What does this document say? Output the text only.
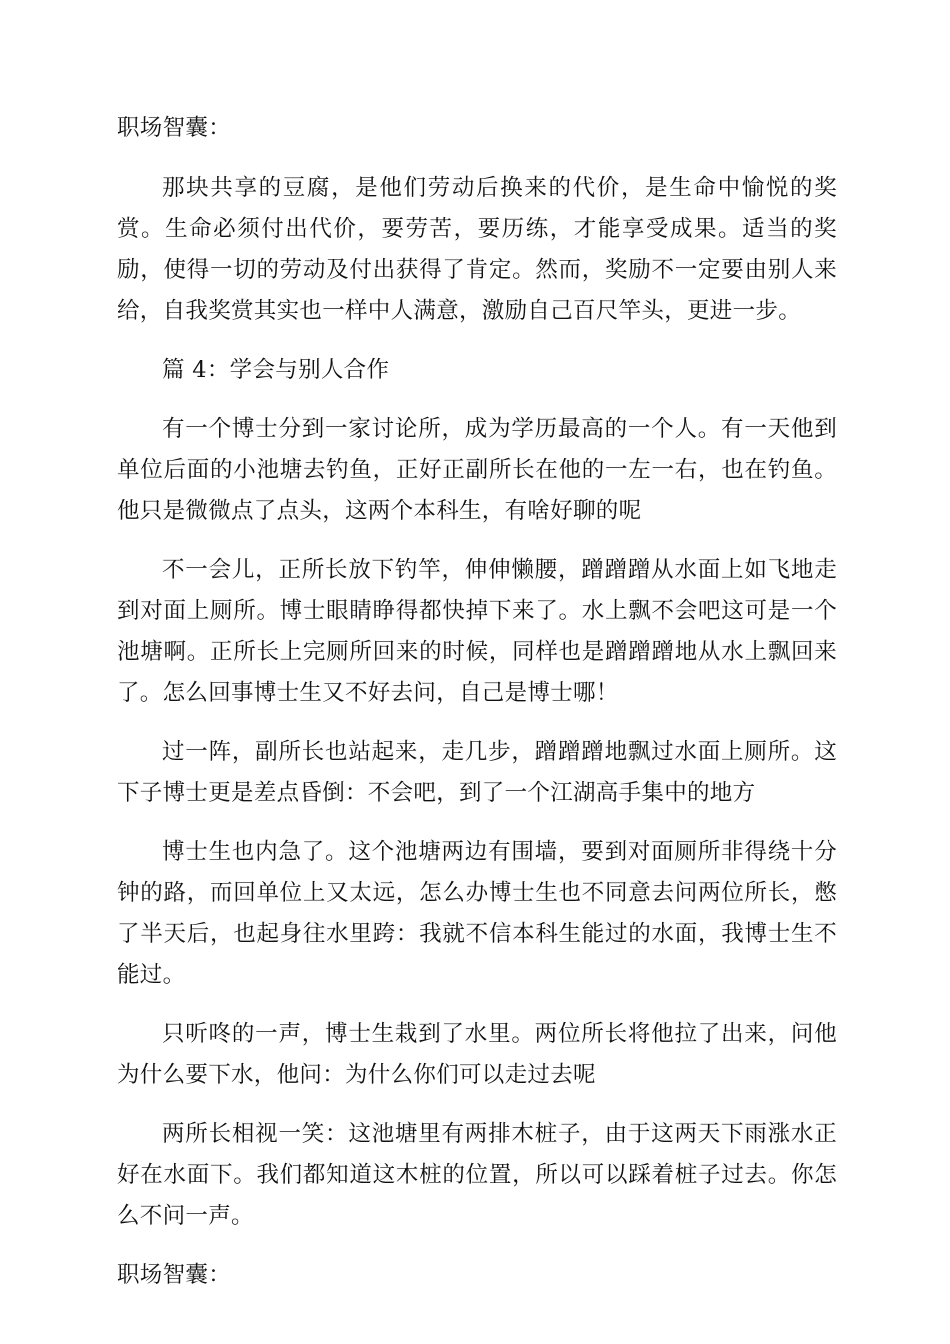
职场智囊：

那块共享的豆腐，是他们劳动后换来的代价，是生命中愉悦的奖赏。生命必须付出代价，要劳苦，要历练，才能享受成果。适当的奖励，使得一切的劳动及付出获得了肯定。然而，奖励不一定要由别人来给，自我奖赏其实也一样中人满意，激励自己百尺竿头，更进一步。

篇 4：学会与别人合作

有一个博士分到一家讨论所，成为学历最高的一个人。有一天他到单位后面的小池塘去钓鱼，正好正副所长在他的一左一右，也在钓鱼。他只是微微点了点头，这两个本科生，有啥好聊的呢

不一会儿，正所长放下钓竿，伸伸懒腰，蹭蹭蹭从水面上如飞地走到对面上厕所。博士眼睛睁得都快掉下来了。水上飘不会吧这可是一个池塘啊。正所长上完厕所回来的时候，同样也是蹭蹭蹭地从水上飘回来了。怎么回事博士生又不好去问，自己是博士哪！

过一阵，副所长也站起来，走几步，蹭蹭蹭地飘过水面上厕所。这下子博士更是差点昏倒：不会吧，到了一个江湖高手集中的地方

博士生也内急了。这个池塘两边有围墙，要到对面厕所非得绕十分钟的路，而回单位上又太远，怎么办博士生也不同意去问两位所长，憋了半天后，也起身往水里跨：我就不信本科生能过的水面，我博士生不能过。

只听咚的一声，博士生栽到了水里。两位所长将他拉了出来，问他为什么要下水，他问：为什么你们可以走过去呢

两所长相视一笑：这池塘里有两排木桩子，由于这两天下雨涨水正好在水面下。我们都知道这木桩的位置，所以可以踩着桩子过去。你怎么不问一声。

职场智囊：
